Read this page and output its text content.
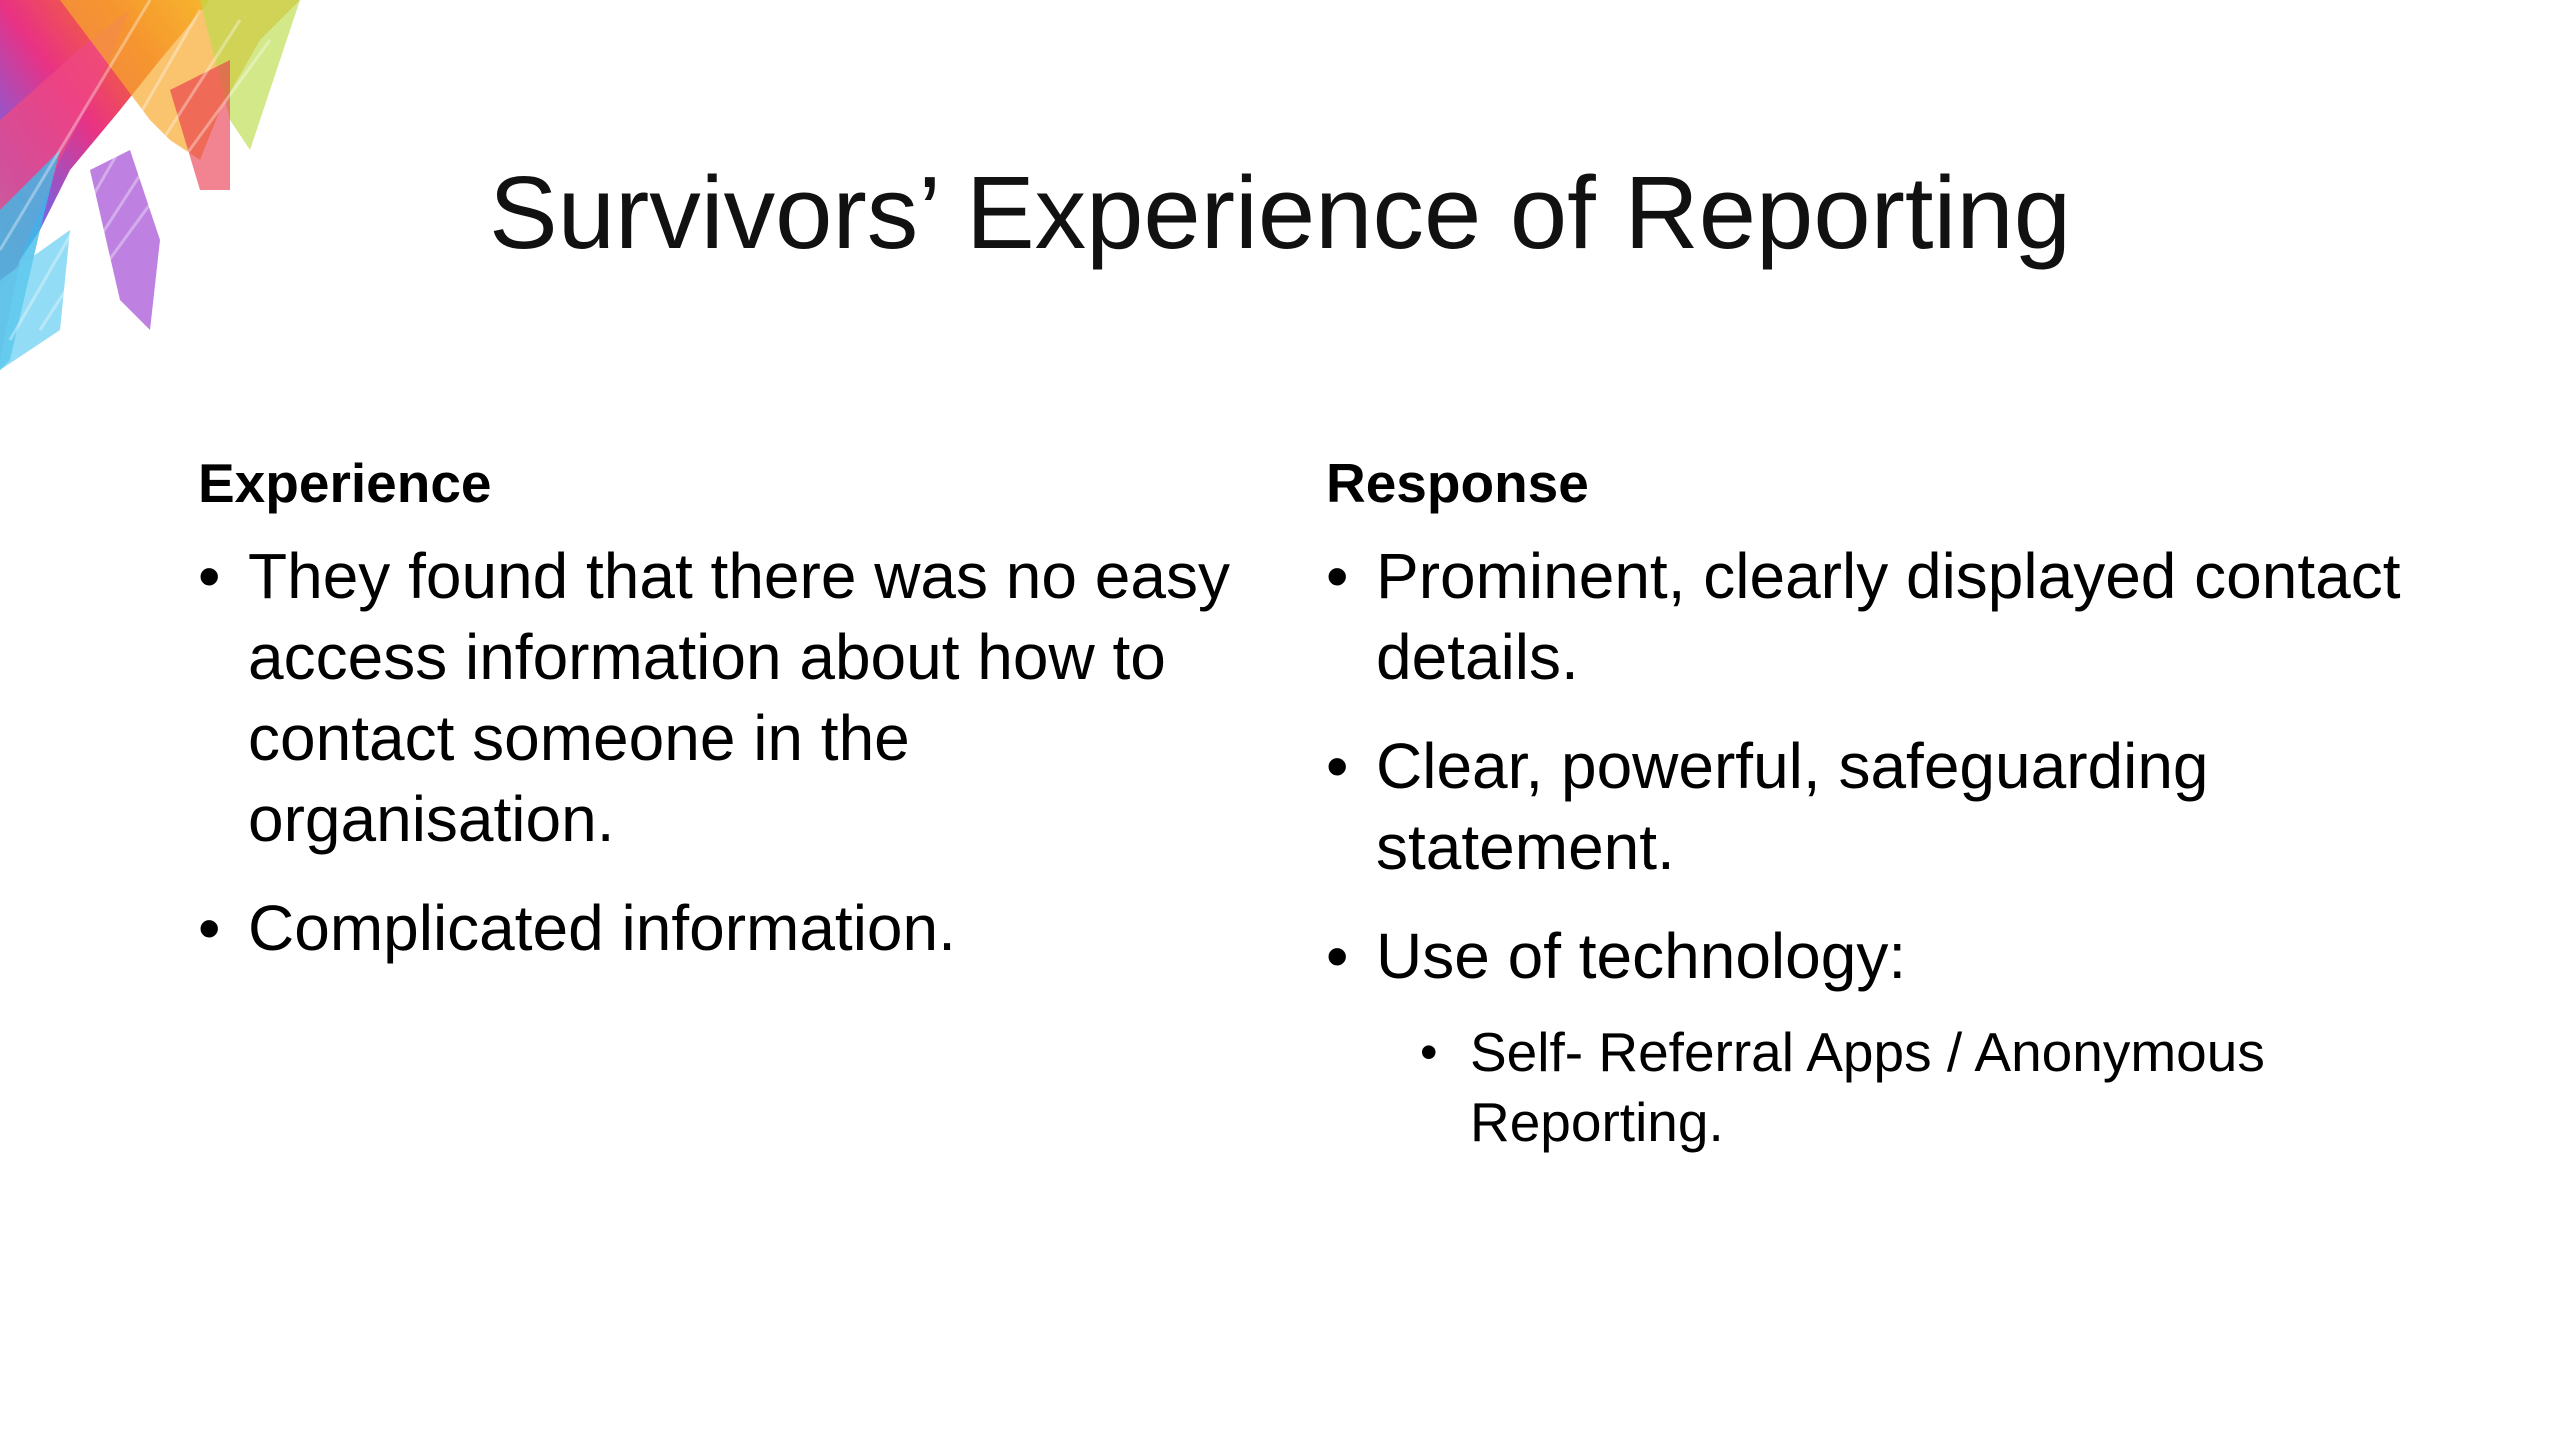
Survivors’ Experience of Reporting
Experience
• They found that there was no easy access information about how to contact someone in the organisation.
• Complicated information.
Response
• Prominent, clearly displayed contact details.
• Clear, powerful, safeguarding statement.
• Use of technology:
• Self- Referral Apps / Anonymous Reporting.
